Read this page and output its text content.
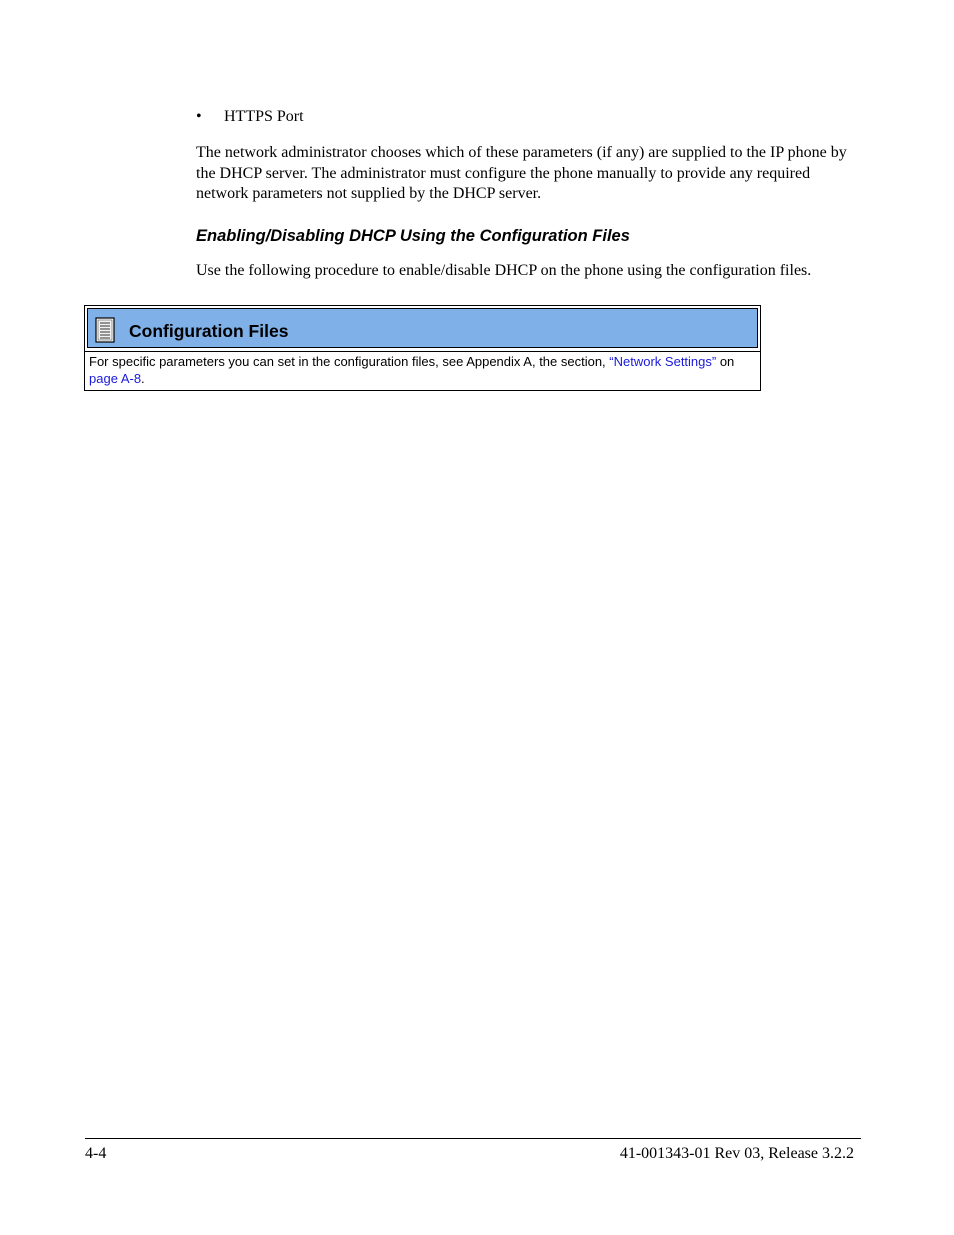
• HTTPS Port
The network administrator chooses which of these parameters (if any) are supplied to the IP phone by the DHCP server. The administrator must configure the phone manually to provide any required network parameters not supplied by the DHCP server.
Enabling/Disabling DHCP Using the Configuration Files
Use the following procedure to enable/disable DHCP on the phone using the configuration files.
Configuration Files
For specific parameters you can set in the configuration files, see Appendix A, the section, “Network Settings” on page A-8.
4-4	41-001343-01 Rev 03, Release 3.2.2
